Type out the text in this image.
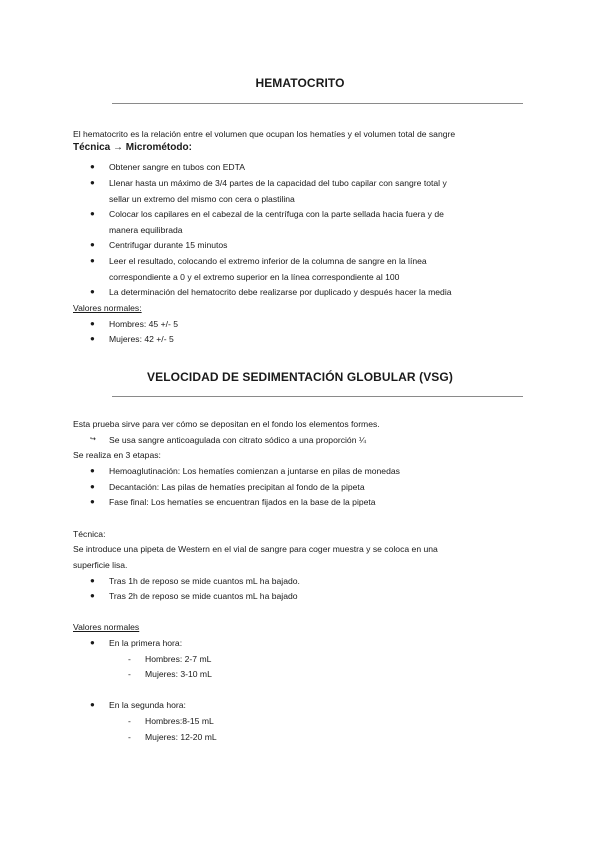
HEMATOCRITO
El hematocrito es la relación entre el volumen que ocupan los hematíes y el volumen total de sangre
Técnica → Micrométodo:
● Obtener sangre en tubos con EDTA
● Llenar hasta un máximo de 3/4 partes de la capacidad del tubo capilar con sangre total y
sellar un extremo del mismo con cera o plastilina
● Colocar los capilares en el cabezal de la centrífuga con la parte sellada hacia fuera y de
manera equilibrada
● Centrifugar durante 15 minutos
● Leer el resultado, colocando el extremo inferior de la columna de sangre en la línea
correspondiente a 0 y el extremo superior en la línea correspondiente al 100
● La determinación del hematocrito debe realizarse por duplicado y después hacer la media
Valores normales:
● Hombres: 45 +/- 5
● Mujeres: 42 +/- 5
VELOCIDAD DE SEDIMENTACIÓN GLOBULAR (VSG)
Esta prueba sirve para ver cómo se depositan en el fondo los elementos formes.
↪ Se usa sangre anticoagulada con citrato sódico a una proporción ¼
Se realiza en 3 etapas:
● Hemoaglutinación: Los hematíes comienzan a juntarse en pilas de monedas
● Decantación: Las pilas de hematíes precipitan al fondo de la pipeta
● Fase final: Los hematíes se encuentran fijados en la base de la pipeta
Técnica:
Se introduce una pipeta de Western en el vial de sangre para coger muestra y se coloca en una
superficie lisa.
● Tras 1h de reposo se mide cuantos mL ha bajado.
● Tras 2h de reposo se mide cuantos mL ha bajado
Valores normales
● En la primera hora:
- Hombres: 2-7 mL
- Mujeres: 3-10 mL
● En la segunda hora:
- Hombres:8-15 mL
- Mujeres: 12-20 mL
